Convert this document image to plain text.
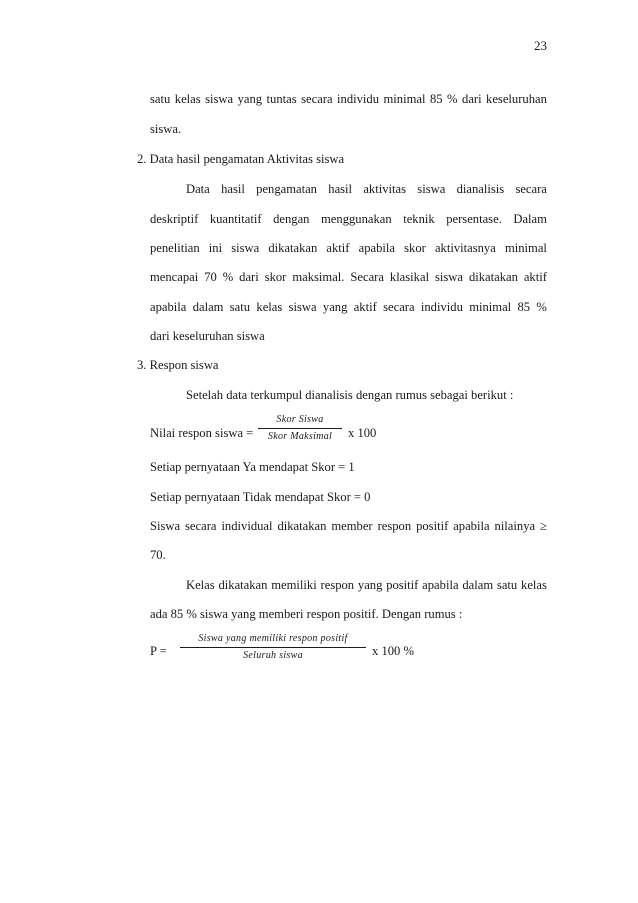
23
satu kelas siswa yang tuntas secara individu minimal 85 % dari keseluruhan
siswa.
2. Data hasil pengamatan Aktivitas siswa
Data hasil pengamatan hasil aktivitas siswa dianalisis secara
deskriptif kuantitatif dengan menggunakan teknik persentase. Dalam
penelitian ini siswa dikatakan aktif apabila skor aktivitasnya minimal
mencapai 70 % dari skor maksimal. Secara klasikal siswa dikatakan aktif
apabila dalam satu kelas siswa yang aktif secara individu minimal 85 %
dari keseluruhan siswa
3. Respon siswa
Setelah data terkumpul dianalisis dengan rumus sebagai berikut :
Nilai respon siswa =
Skor Siswa
Skor Maksimal	x 100
Setiap pernyataan Ya mendapat Skor = 1
Setiap pernyataan Tidak mendapat Skor = 0
Siswa secara individual dikatakan member respon positif apabila nilainya ≥
70.
Kelas dikatakan memiliki respon yang positif apabila dalam satu kelas
ada 85 % siswa yang memberi respon positif. Dengan rumus :
P =
Siswa yang memiliki respon positif
Seluruh siswa	x 100 %
